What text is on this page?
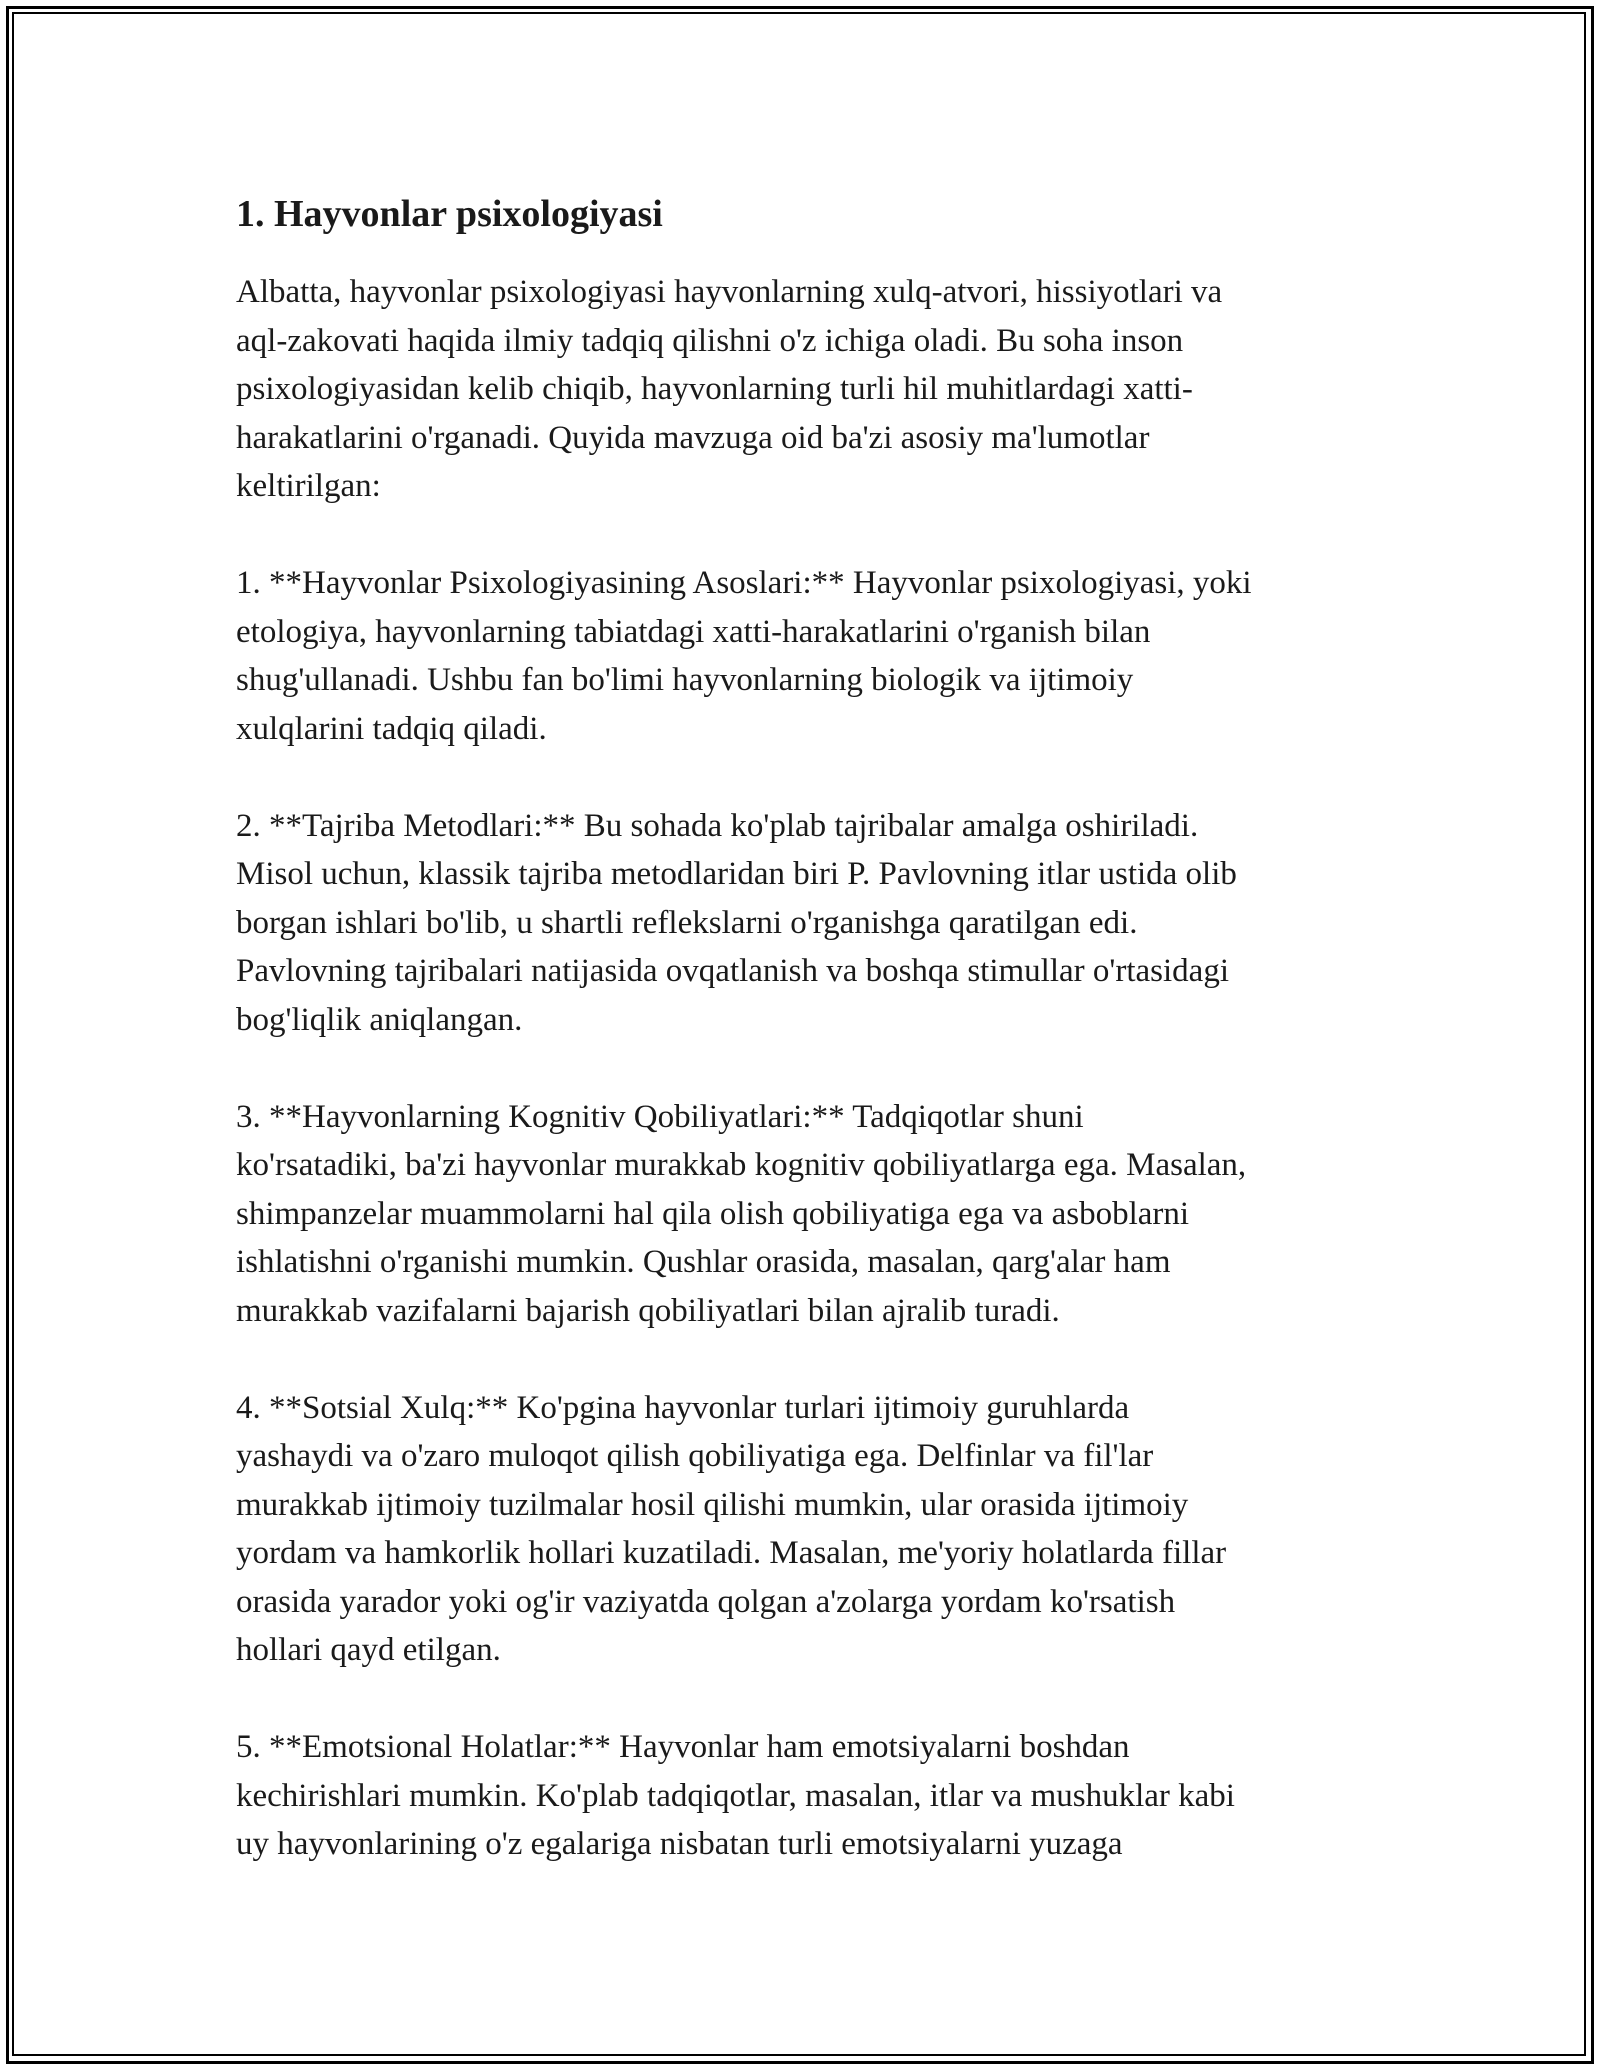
1. Hayvonlar psixologiyasi

Albatta, hayvonlar psixologiyasi hayvonlarning xulq-atvori, hissiyotlari va
aql-zakovati haqida ilmiy tadqiq qilishni o'z ichiga oladi. Bu soha inson
psixologiyasidan kelib chiqib, hayvonlarning turli hil muhitlardagi xatti-
harakatlarini o'rganadi. Quyida mavzuga oid ba'zi asosiy ma'lumotlar
keltirilgan:

1. **Hayvonlar Psixologiyasining Asoslari:** Hayvonlar psixologiyasi, yoki
etologiya, hayvonlarning tabiatdagi xatti-harakatlarini o'rganish bilan
shug'ullanadi. Ushbu fan bo'limi hayvonlarning biologik va ijtimoiy
xulqlarini tadqiq qiladi.

2. **Tajriba Metodlari:** Bu sohada ko'plab tajribalar amalga oshiriladi.
Misol uchun, klassik tajriba metodlaridan biri P. Pavlovning itlar ustida olib
borgan ishlari bo'lib, u shartli reflekslarni o'rganishga qaratilgan edi.
Pavlovning tajribalari natijasida ovqatlanish va boshqa stimullar o'rtasidagi
bog'liqlik aniqlangan.

3. **Hayvonlarning Kognitiv Qobiliyatlari:** Tadqiqotlar shuni
ko'rsatadiki, ba'zi hayvonlar murakkab kognitiv qobiliyatlarga ega. Masalan,
shimpanzelar muammolarni hal qila olish qobiliyatiga ega va asboblarni
ishlatishni o'rganishi mumkin. Qushlar orasida, masalan, qarg'alar ham
murakkab vazifalarni bajarish qobiliyatlari bilan ajralib turadi.

4. **Sotsial Xulq:** Ko'pgina hayvonlar turlari ijtimoiy guruhlarda
yashaydi va o'zaro muloqot qilish qobiliyatiga ega. Delfinlar va fil'lar
murakkab ijtimoiy tuzilmalar hosil qilishi mumkin, ular orasida ijtimoiy
yordam va hamkorlik hollari kuzatiladi. Masalan, me'yoriy holatlarda fillar
orasida yarador yoki og'ir vaziyatda qolgan a'zolarga yordam ko'rsatish
hollari qayd etilgan.

5. **Emotsional Holatlar:** Hayvonlar ham emotsiyalarni boshdan
kechirishlari mumkin. Ko'plab tadqiqotlar, masalan, itlar va mushuklar kabi
uy hayvonlarining o'z egalariga nisbatan turli emotsiyalarni yuzaga
